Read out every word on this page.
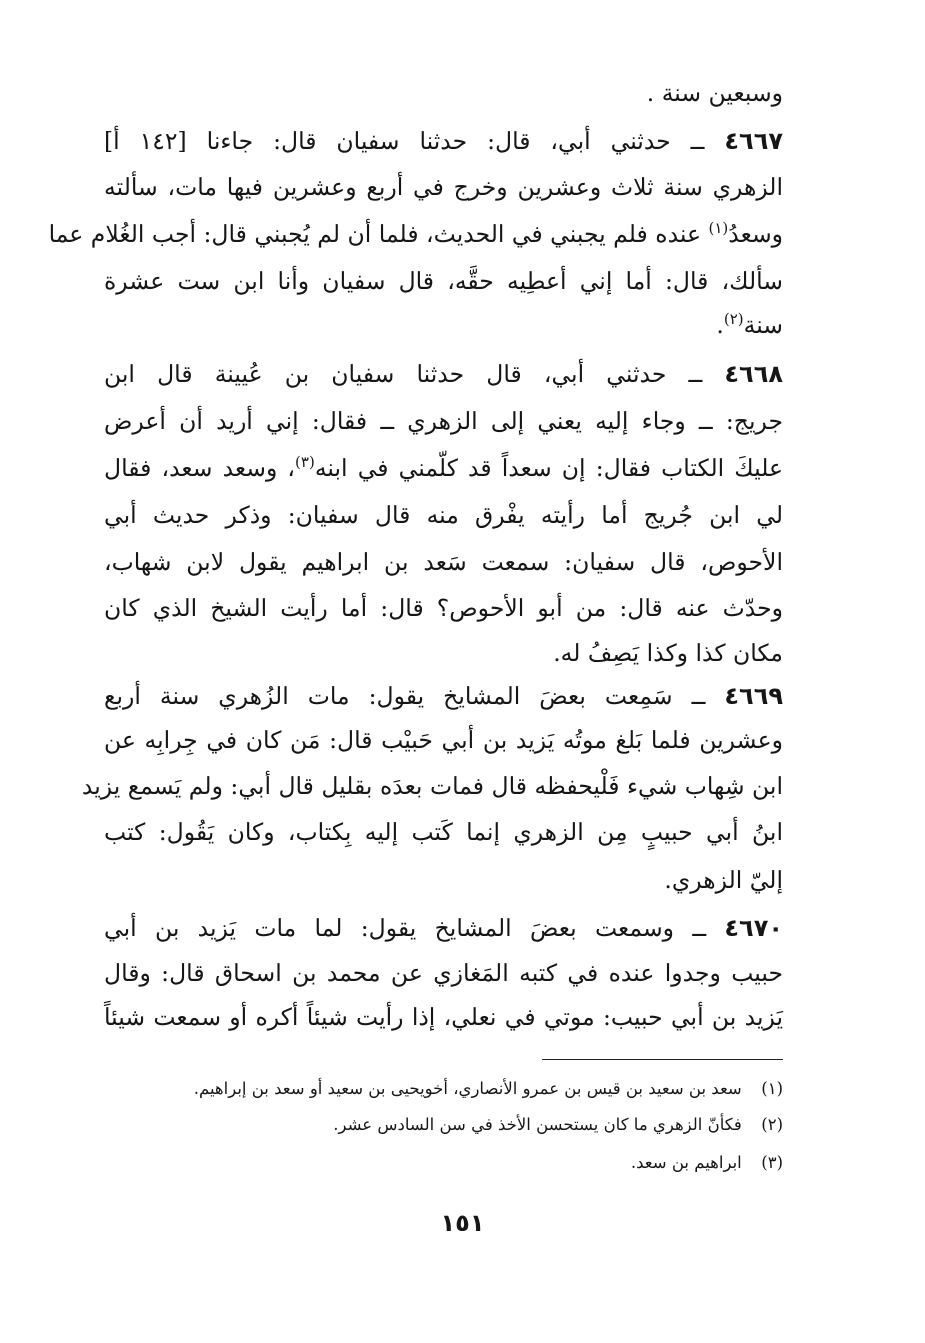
وسبعين سنة .
٤٦٦٧ ــ حدثني أبي، قال: حدثنا سفيان قال: جاءنا [١٤٢ أ]
الزهري سنة ثلاث وعشرين وخرج في أربع وعشرين فيها مات، سألته
وسعدُ$^{(١)}$ عنده فلم يجبني في الحديث، فلما أن لم يُجبني قال: أجب الغُلام عما
سألك، قال: أما إني أعطِيه حقَّه، قال سفيان وأنا ابن ست عشرة
سنة$^{(٢)}$.
٤٦٦٨ ــ حدثني أبي، قال حدثنا سفيان بن عُيينة قال ابن
جريج: ــ وجاء إليه يعني إلى الزهري ــ فقال: إني أريد أن أعرض
عليكَ الكتاب فقال: إن سعداً قد كلّمني في ابنه$^{(٣)}$، وسعد سعد، فقال
لي ابن جُريج أما رأيته يفْرق منه قال سفيان: وذكر حديث أبي
الأحوص، قال سفيان: سمعت سَعد بن ابراهيم يقول لابن شهاب،
وحدّث عنه قال: من أبو الأحوص؟ قال: أما رأيت الشيخ الذي كان
مكان كذا وكذا يَصِفُ له.
٤٦٦٩ ــ سَمِعت بعضَ المشايخ يقول: مات الزُهري سنة أربع
وعشرين فلما بَلغ موتُه يَزيد بن أبي حَبيْب قال: مَن كان في جِرابِه عن
ابن شِهاب شيء فَلْيحفظه قال فمات بعدَه بقليل قال أبي: ولم يَسمع يزيد
ابنُ أبي حبيبٍ مِن الزهري إنما كَتب إليه بِكتاب، وكان يَقُول: كتب
إليّ الزهري.
٤٦٧٠ ــ وسمعت بعضَ المشايخ يقول: لما مات يَزيد بن أبي
حبيب وجدوا عنده في كتبه المَغازي عن محمد بن اسحاق قال: وقال
يَزيد بن أبي حبيب: موتي في نعلي، إذا رأيت شيئاً أكره أو سمعت شيئاً
(١) سعد بن سعيد بن قيس بن عمرو الأنصاري، أخويحيى بن سعيد أو سعد بن إبراهيم.
(٢) فكأنّ الزهري ما كان يستحسن الأخذ في سن السادس عشر.
(٣) ابراهيم بن سعد.
١٥١
